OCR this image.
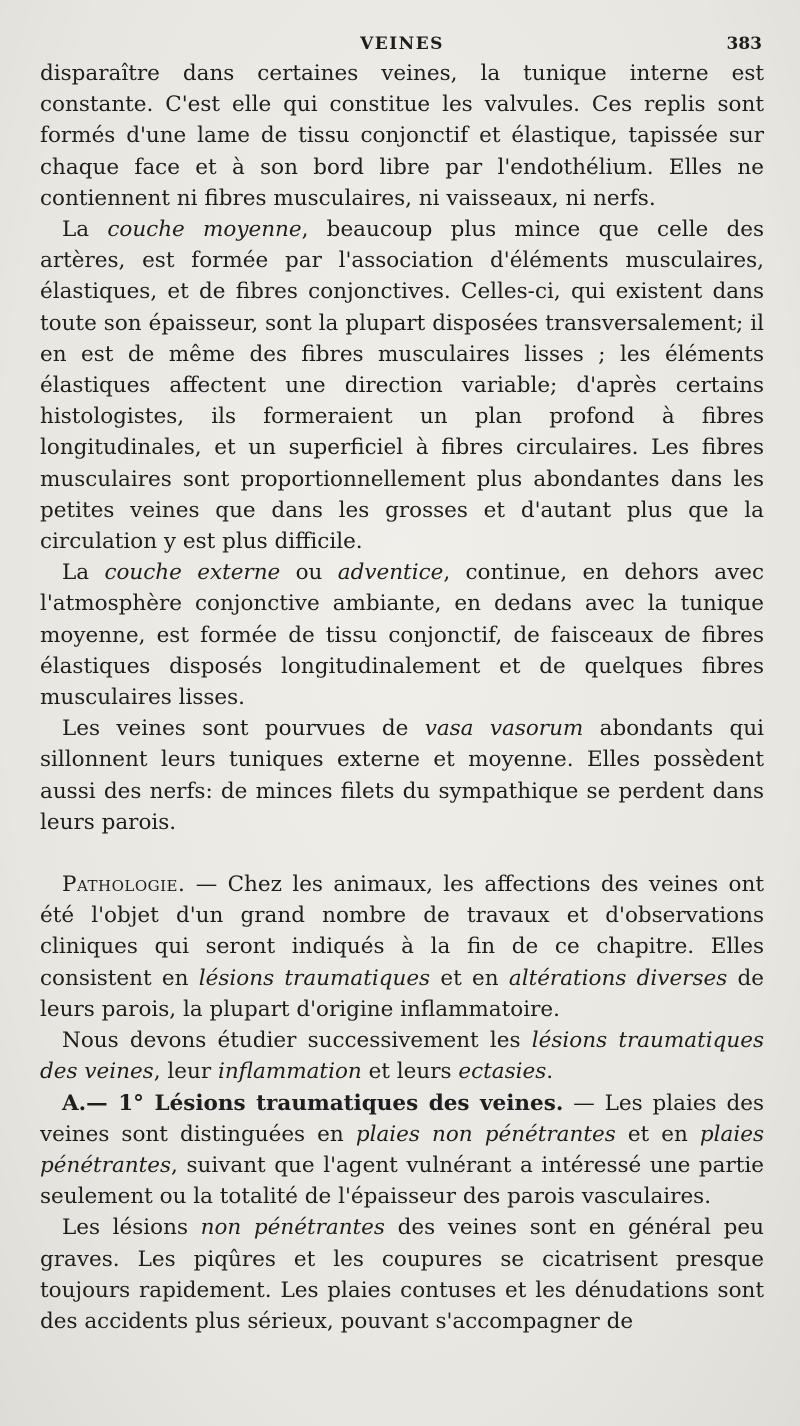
VEINES	383

disparaître dans certaines veines, la tunique interne est constante. C'est elle qui constitue les valvules. Ces replis sont formés d'une lame de tissu conjonctif et élastique, tapissée sur chaque face et à son bord libre par l'endothélium. Elles ne contiennent ni fibres musculaires, ni vaisseaux, ni nerfs.

La couche moyenne, beaucoup plus mince que celle des artères, est formée par l'association d'éléments musculaires, élastiques, et de fibres conjonctives. Celles-ci, qui existent dans toute son épaisseur, sont la plupart disposées transversalement; il en est de même des fibres musculaires lisses ; les éléments élastiques affectent une direction variable; d'après certains histologistes, ils formeraient un plan profond à fibres longitudinales, et un superficiel à fibres circulaires. Les fibres musculaires sont proportionnellement plus abondantes dans les petites veines que dans les grosses et d'autant plus que la circulation y est plus difficile.

La couche externe ou adventice, continue, en dehors avec l'atmosphère conjonctive ambiante, en dedans avec la tunique moyenne, est formée de tissu conjonctif, de faisceaux de fibres élastiques disposés longitudinalement et de quelques fibres musculaires lisses.

Les veines sont pourvues de vasa vasorum abondants qui sillonnent leurs tuniques externe et moyenne. Elles possèdent aussi des nerfs: de minces filets du sympathique se perdent dans leurs parois.

Pathologie. — Chez les animaux, les affections des veines ont été l'objet d'un grand nombre de travaux et d'observations cliniques qui seront indiqués à la fin de ce chapitre. Elles consistent en lésions traumatiques et en altérations diverses de leurs parois, la plupart d'origine inflammatoire.

Nous devons étudier successivement les lésions traumatiques des veines, leur inflammation et leurs ectasies.

A.— 1° Lésions traumatiques des veines. — Les plaies des veines sont distinguées en plaies non pénétrantes et en plaies pénétrantes, suivant que l'agent vulnérant a intéressé une partie seulement ou la totalité de l'épaisseur des parois vasculaires.

Les lésions non pénétrantes des veines sont en général peu graves. Les piqûres et les coupures se cicatrisent presque toujours rapidement. Les plaies contuses et les dénudations sont des accidents plus sérieux, pouvant s'accompagner de
